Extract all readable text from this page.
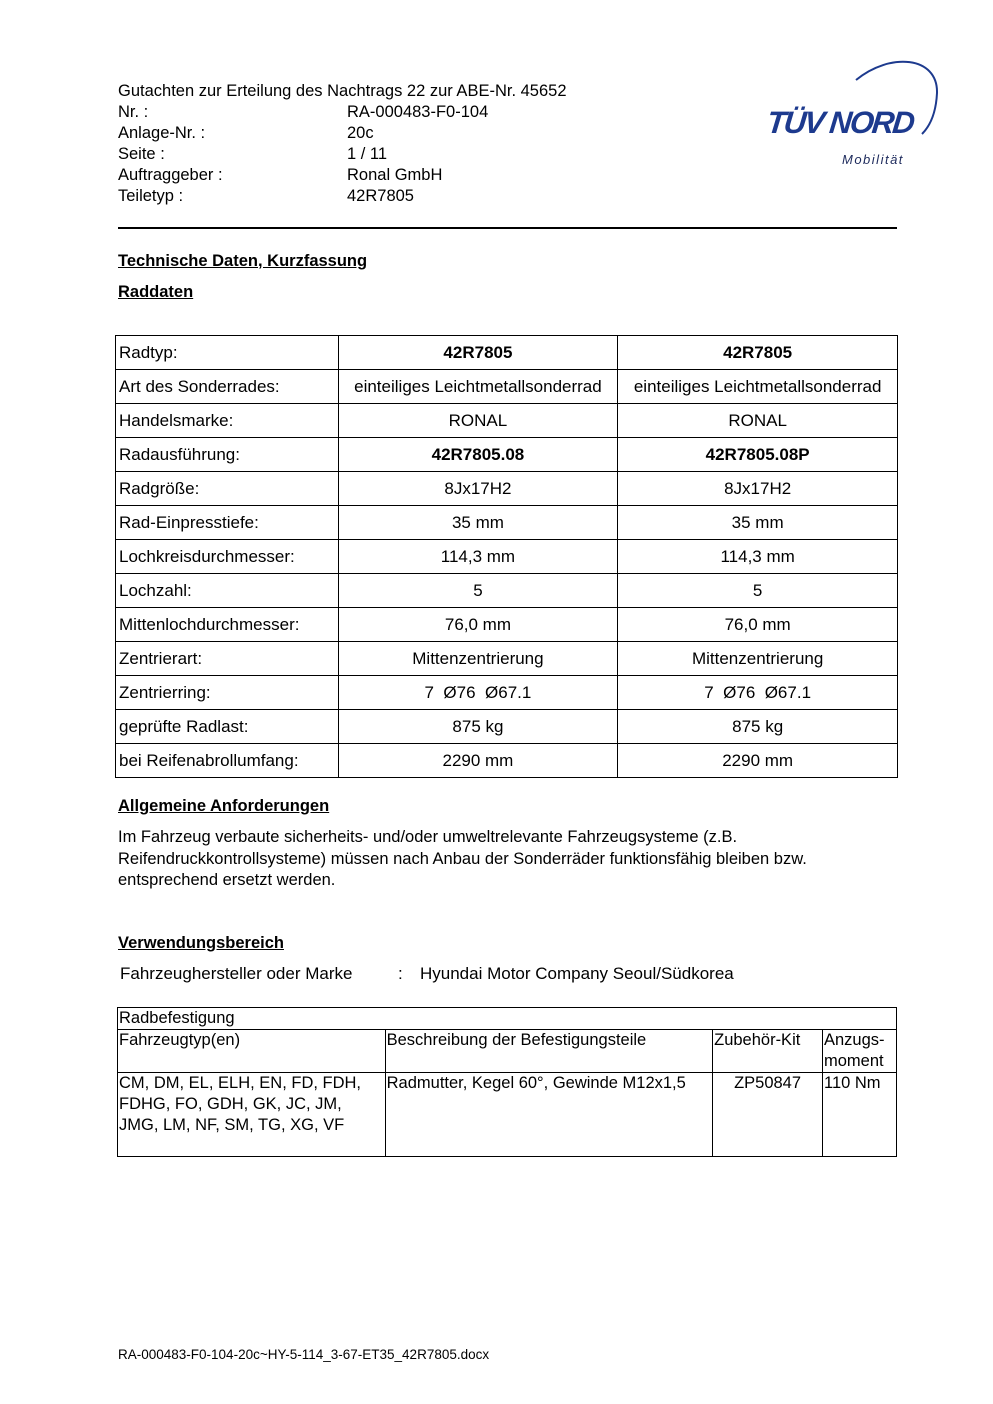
Gutachten zur Erteilung des Nachtrags 22 zur ABE-Nr. 45652
Nr. :	RA-000483-F0-104
Anlage-Nr. :	20c
Seite :	1 / 11
Auftraggeber :	Ronal GmbH
Teiletyp :	42R7805
TÜV NORD
Mobilität
Technische Daten, Kurzfassung
Raddaten
Radtyp:	42R7805	42R7805
Art des Sonderrades:	einteiliges Leichtmetallsonderrad	einteiliges Leichtmetallsonderrad
Handelsmarke:	RONAL	RONAL
Radausführung:	42R7805.08	42R7805.08P
Radgröße:	8Jx17H2	8Jx17H2
Rad-Einpresstiefe:	35 mm	35 mm
Lochkreisdurchmesser:	114,3 mm	114,3 mm
Lochzahl:	5	5
Mittenlochdurchmesser:	76,0 mm	76,0 mm
Zentrierart:	Mittenzentrierung	Mittenzentrierung
Zentrierring:	7  Ø76  Ø67.1	7  Ø76  Ø67.1
geprüfte Radlast:	875 kg	875 kg
bei Reifenabrollumfang:	2290 mm	2290 mm
Allgemeine Anforderungen
Im Fahrzeug verbaute sicherheits- und/oder umweltrelevante Fahrzeugsysteme (z.B. Reifendruckkontrollsysteme) müssen nach Anbau der Sonderräder funktionsfähig bleiben bzw. entsprechend ersetzt werden.
Verwendungsbereich
Fahrzeughersteller oder Marke	:	Hyundai Motor Company Seoul/Südkorea
Radbefestigung			
Fahrzeugtyp(en)	Beschreibung der Befestigungsteile	Zubehör-Kit	Anzugs-moment
CM, DM, EL, ELH, EN, FD, FDH, FDHG, FO, GDH, GK, JC, JM, JMG, LM, NF, SM, TG, XG, VF	Radmutter, Kegel 60°, Gewinde M12x1,5	ZP50847	110 Nm
RA-000483-F0-104-20c~HY-5-114_3-67-ET35_42R7805.docx
